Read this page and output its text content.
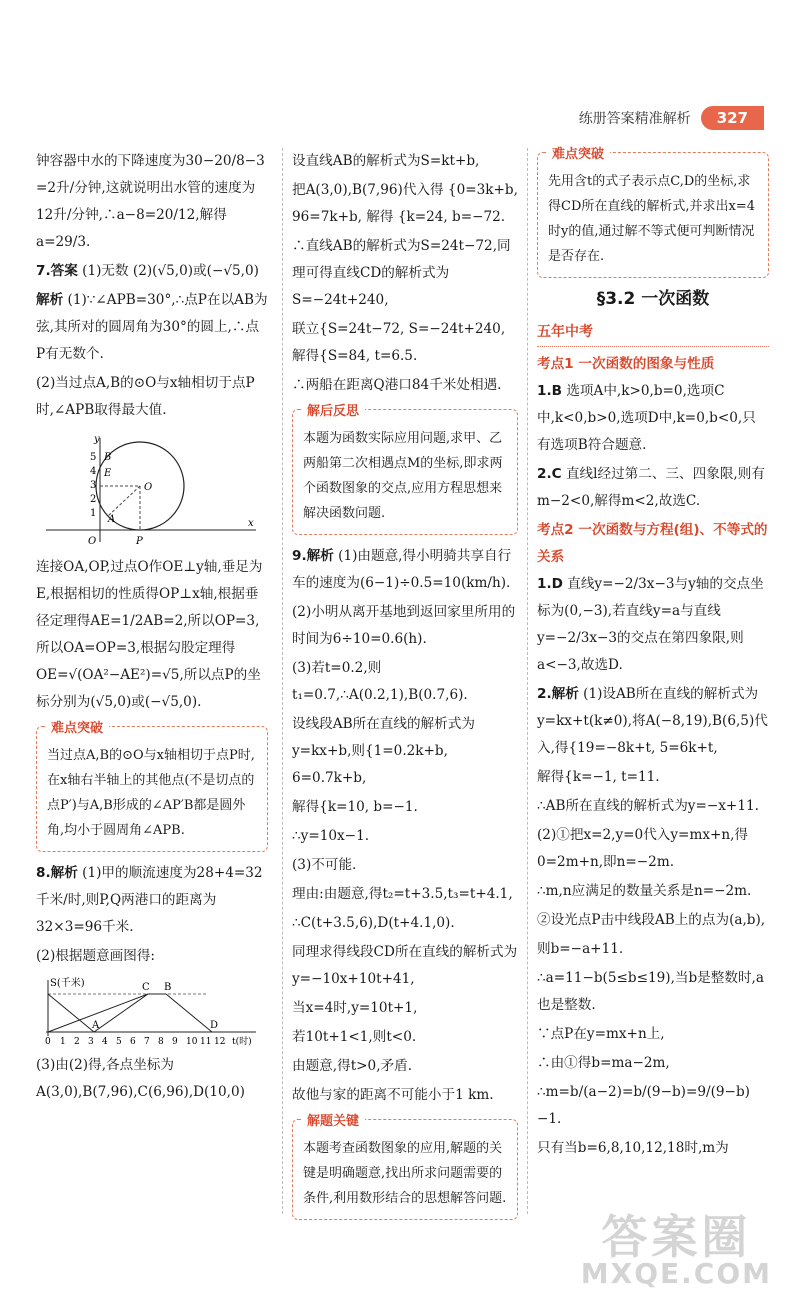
练册答案精准解析	327

钟容器中水的下降速度为30−20/8−3 =2升/分钟,这就说明出水管的速度为12升/分钟,∴a−8=20/12,解得a=29/3.

7.答案 (1)无数 (2)(√5,0)或(−√5,0)

解析 (1)∵∠APB=30°,∴点P在以AB为弦,其所对的圆周角为30°的圆上,∴点P有无数个.

(2)当过点A,B的⊙O与x轴相切于点P时,∠APB取得最大值.

y
x
5
4
3
2
1
E
O
A
B
O	P

连接OA,OP,过点O作OE⊥y轴,垂足为E,根据相切的性质得OP⊥x轴,根据垂径定理得AE=1/2AB=2,所以OP=3,所以OA=OP=3,根据勾股定理得OE=√(OA²−AE²)=√5,所以点P的坐标分别为(√5,0)或(−√5,0).

难点突破
当过点A,B的⊙O与x轴相切于点P时,在x轴右半轴上的其他点(不是切点的点P′)与A,B形成的∠AP′B都是圆外角,均小于圆周角∠APB.

8.解析 (1)甲的顺流速度为28+4=32千米/时,则P,Q两港口的距离为32×3=96千米.

(2)根据题意画图得:

S(千米)
t(时)
C B
A	D
0 1 2 3 4 5 6 7 8 9 10 11 12

(3)由(2)得,各点坐标为A(3,0),B(7,96),C(6,96),D(10,0)

设直线AB的解析式为S=kt+b,

把A(3,0),B(7,96)代入得 {0=3k+b, 96=7k+b, 解得 {k=24, b=−72.

∴直线AB的解析式为S=24t−72,同理可得直线CD的解析式为S=−24t+240,

联立{S=24t−72, S=−24t+240, 解得{S=84, t=6.5.

∴两船在距离Q港口84千米处相遇.

解后反思
本题为函数实际应用问题,求甲、乙两船第二次相遇点M的坐标,即求两个函数图象的交点,应用方程思想来解决函数问题.

9.解析 (1)由题意,得小明骑共享自行车的速度为(6−1)÷0.5=10(km/h).

(2)小明从离开基地到返回家里所用的时间为6÷10=0.6(h).

(3)若t=0.2,则t₁=0.7,∴A(0.2,1),B(0.7,6).

设线段AB所在直线的解析式为y=kx+b,则{1=0.2k+b, 6=0.7k+b,

解得{k=10, b=−1.

∴y=10x−1.

(3)不可能.

理由:由题意,得t₂=t+3.5,t₃=t+4.1,

∴C(t+3.5,6),D(t+4.1,0).

同理求得线段CD所在直线的解析式为y=−10x+10t+41,

当x=4时,y=10t+1,

若10t+1<1,则t<0.

由题意,得t>0,矛盾.

故他与家的距离不可能小于1 km.

解题关键
本题考查函数图象的应用,解题的关键是明确题意,找出所求问题需要的条件,利用数形结合的思想解答问题.
难点突破
先用含t的式子表示点C,D的坐标,求得CD所在直线的解析式,并求出x=4时y的值,通过解不等式便可判断情况是否存在.
§3.2 一次函数
五年中考
考点1 一次函数的图象与性质

1.B 选项A中,k>0,b=0,选项C中,k<0,b>0,选项D中,k=0,b<0,只有选项B符合题意.

2.C 直线l经过第二、三、四象限,则有m−2<0,解得m<2,故选C.

考点2 一次函数与方程(组)、不等式的关系

1.D 直线y=−2/3x−3与y轴的交点坐标为(0,−3),若直线y=a与直线y=−2/3x−3的交点在第四象限,则a<−3,故选D.

2.解析 (1)设AB所在直线的解析式为y=kx+t(k≠0),将A(−8,19),B(6,5)代入,得{19=−8k+t, 5=6k+t,

解得{k=−1, t=11.

∴AB所在直线的解析式为y=−x+11.

(2)①把x=2,y=0代入y=mx+n,得0=2m+n,即n=−2m.

∴m,n应满足的数量关系是n=−2m.

②设光点P击中线段AB上的点为(a,b),

则b=−a+11.

∴a=11−b(5≤b≤19),当b是整数时,a也是整数.

∵点P在y=mx+n上,

∴由①得b=ma−2m,

∴m=b/(a−2)=b/(9−b)=9/(9−b)−1.

只有当b=6,8,10,12,18时,m为

答案圈
MXQE.COM
